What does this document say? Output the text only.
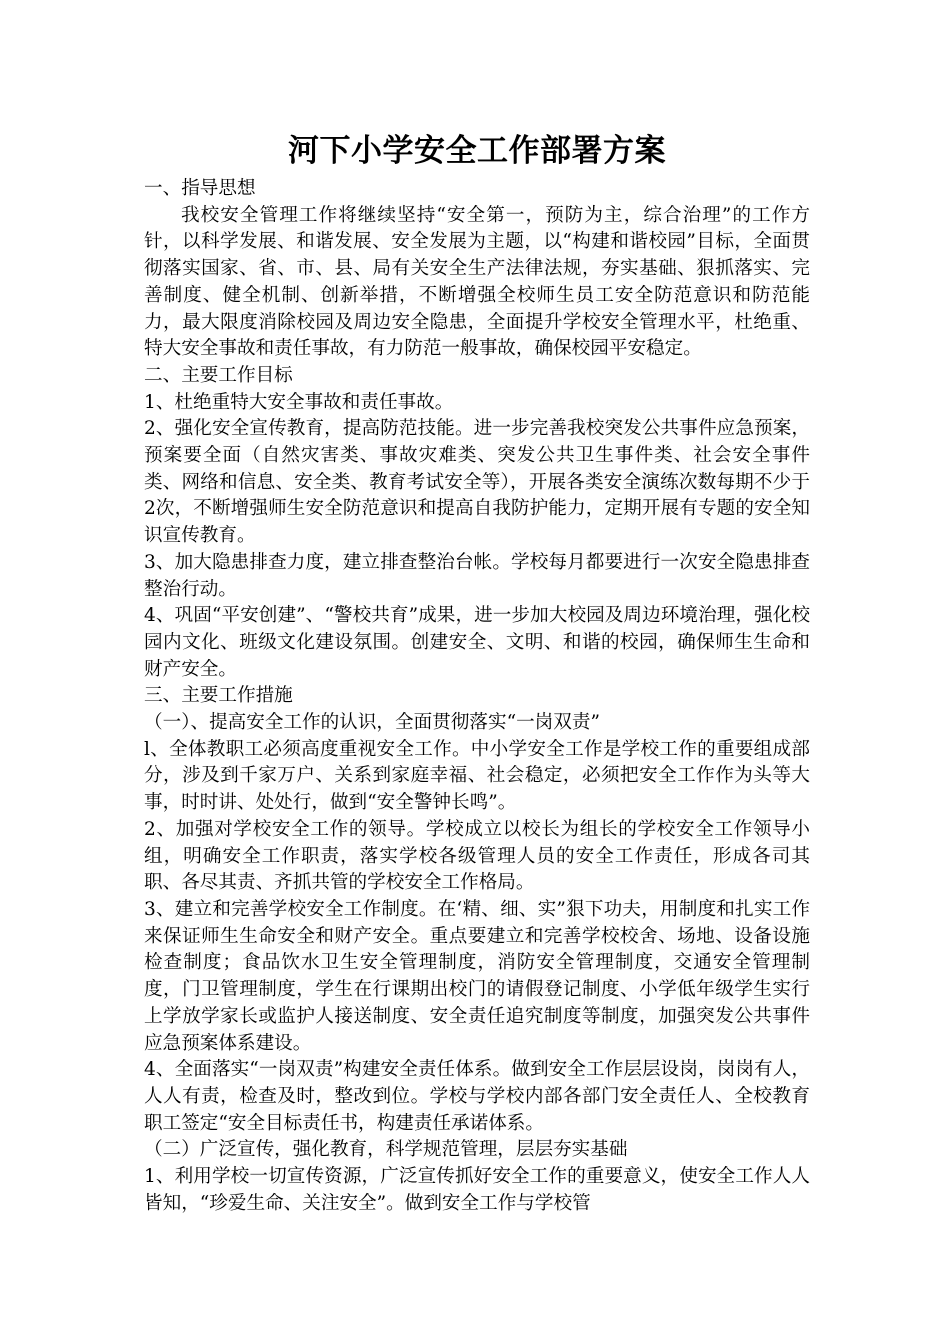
河下小学安全工作部署方案

一、指导思想

我校安全管理工作将继续坚持“安全第一，预防为主，综合治理”的工作方针，以科学发展、和谐发展、安全发展为主题，以“构建和谐校园”目标，全面贯彻落实国家、省、市、县、局有关安全生产法律法规，夯实基础、狠抓落实、完善制度、健全机制、创新举措，不断增强全校师生员工安全防范意识和防范能力，最大限度消除校园及周边安全隐患，全面提升学校安全管理水平，杜绝重、特大安全事故和责任事故，有力防范一般事故，确保校园平安稳定。

二、主要工作目标

1、杜绝重特大安全事故和责任事故。

2、强化安全宣传教育，提高防范技能。进一步完善我校突发公共事件应急预案，预案要全面（自然灾害类、事故灾难类、突发公共卫生事件类、社会安全事件类、网络和信息、安全类、教育考试安全等），开展各类安全演练次数每期不少于2次，不断增强师生安全防范意识和提高自我防护能力，定期开展有专题的安全知识宣传教育。

3、加大隐患排查力度，建立排查整治台帐。学校每月都要进行一次安全隐患排查整治行动。

4、巩固“平安创建”、“警校共育”成果，进一步加大校园及周边环境治理，强化校园内文化、班级文化建设氛围。创建安全、文明、和谐的校园，确保师生生命和财产安全。

三、主要工作措施

（一）、提高安全工作的认识，全面贯彻落实“一岗双责”

l、全体教职工必须高度重视安全工作。中小学安全工作是学校工作的重要组成部分，涉及到千家万户、关系到家庭幸福、社会稳定，必须把安全工作作为头等大事，时时讲、处处行，做到“安全警钟长鸣”。

2、加强对学校安全工作的领导。学校成立以校长为组长的学校安全工作领导小组，明确安全工作职责，落实学校各级管理人员的安全工作责任，形成各司其职、各尽其责、齐抓共管的学校安全工作格局。

3、建立和完善学校安全工作制度。在‘精、细、实”狠下功夫，用制度和扎实工作来保证师生生命安全和财产安全。重点要建立和完善学校校舍、场地、设备设施检查制度；食品饮水卫生安全管理制度，消防安全管理制度，交通安全管理制度，门卫管理制度，学生在行课期出校门的请假登记制度、小学低年级学生实行上学放学家长或监护人接送制度、安全责任追究制度等制度，加强突发公共事件应急预案体系建设。

4、全面落实“一岗双责”构建安全责任体系。做到安全工作层层设岗，岗岗有人，人人有责，检查及时，整改到位。学校与学校内部各部门安全责任人、全校教育职工签定“安全目标责任书，构建责任承诺体系。

（二）广泛宣传，强化教育，科学规范管理，层层夯实基础

1、利用学校一切宣传资源，广泛宣传抓好安全工作的重要意义，使安全工作人人皆知，“珍爱生命、关注安全”。做到安全工作与学校管
